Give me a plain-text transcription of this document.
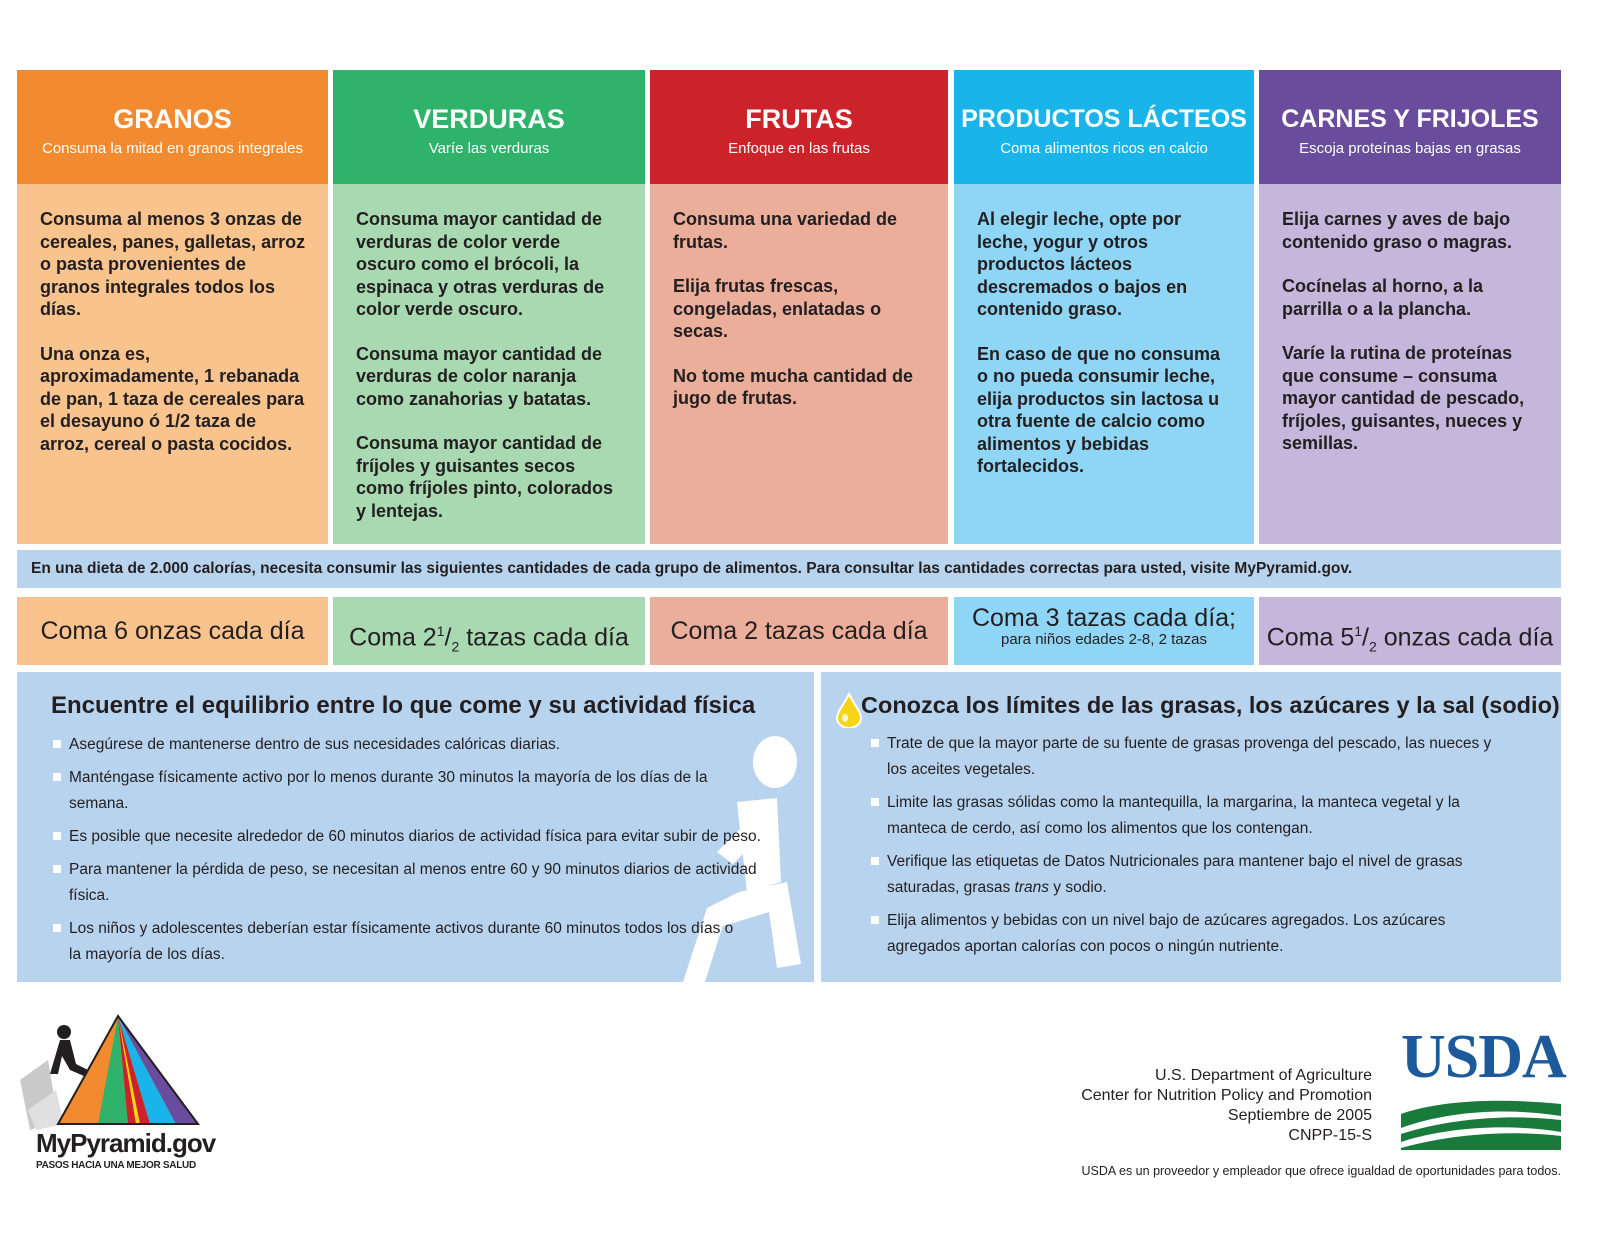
GRANOS
Consuma la mitad en granos integrales

Consuma al menos 3 onzas de cereales, panes, galletas, arroz o pasta provenientes de granos integrales todos los días.

Una onza es, aproximadamente, 1 rebanada de pan, 1 taza de cereales para el desayuno ó 1/2 taza de arroz, cereal o pasta cocidos.

VERDURAS
Varíe las verduras

Consuma mayor cantidad de verduras de color verde oscuro como el brócoli, la espinaca y otras verduras de color verde oscuro.

Consuma mayor cantidad de verduras de color naranja como zanahorias y batatas.

Consuma mayor cantidad de fríjoles y guisantes secos como fríjoles pinto, colorados y lentejas.

FRUTAS
Enfoque en las frutas

Consuma una variedad de frutas.

Elija frutas frescas, congeladas, enlatadas o secas.

No tome mucha cantidad de jugo de frutas.

PRODUCTOS LÁCTEOS
Coma alimentos ricos en calcio

Al elegir leche, opte por leche, yogur y otros productos lácteos descremados o bajos en contenido graso.

En caso de que no consuma o no pueda consumir leche, elija productos sin lactosa u otra fuente de calcio como alimentos y bebidas fortalecidos.

CARNES Y FRIJOLES
Escoja proteínas bajas en grasas

Elija carnes y aves de bajo contenido graso o magras.

Cocínelas al horno, a la parrilla o a la plancha.

Varíe la rutina de proteínas que consume – consuma mayor cantidad de pescado, fríjoles, guisantes, nueces y semillas.

En una dieta de 2.000 calorías, necesita consumir las siguientes cantidades de cada grupo de alimentos. Para consultar las cantidades correctas para usted, visite MyPyramid.gov.
Coma 6 onzas cada día	Coma $2^1/_2$ tazas cada día	Coma 2 tazas cada día	Coma 3 tazas cada día;
para niños edades 2-8, 2 tazas	Coma $5^1/_2$ onzas cada día
Encuentre el equilibrio entre lo que come y su actividad física
Asegúrese de mantenerse dentro de sus necesidades calóricas diarias.
Manténgase físicamente activo por lo menos durante 30 minutos la mayoría de los días de la semana.
Es posible que necesite alrededor de 60 minutos diarios de actividad física para evitar subir de peso.
Para mantener la pérdida de peso, se necesitan al menos entre 60 y 90 minutos diarios de actividad física.
Los niños y adolescentes deberían estar físicamente activos durante 60 minutos todos los días o la mayoría de los días.
Conozca los límites de las grasas, los azúcares y la sal (sodio)
Trate de que la mayor parte de su fuente de grasas provenga del pescado, las nueces y los aceites vegetales.
Limite las grasas sólidas como la mantequilla, la margarina, la manteca vegetal y la manteca de cerdo, así como los alimentos que los contengan.
Verifique las etiquetas de Datos Nutricionales para mantener bajo el nivel de grasas saturadas, grasas trans y sodio.
Elija alimentos y bebidas con un nivel bajo de azúcares agregados. Los azúcares agregados aportan calorías con pocos o ningún nutriente.
MyPyramid.gov
PASOS HACIA UNA MEJOR SALUD
U.S. Department of Agriculture
Center for Nutrition Policy and Promotion
Septiembre de 2005
CNPP-15-S
USDA
USDA es un proveedor y empleador que ofrece igualdad de oportunidades para todos.
